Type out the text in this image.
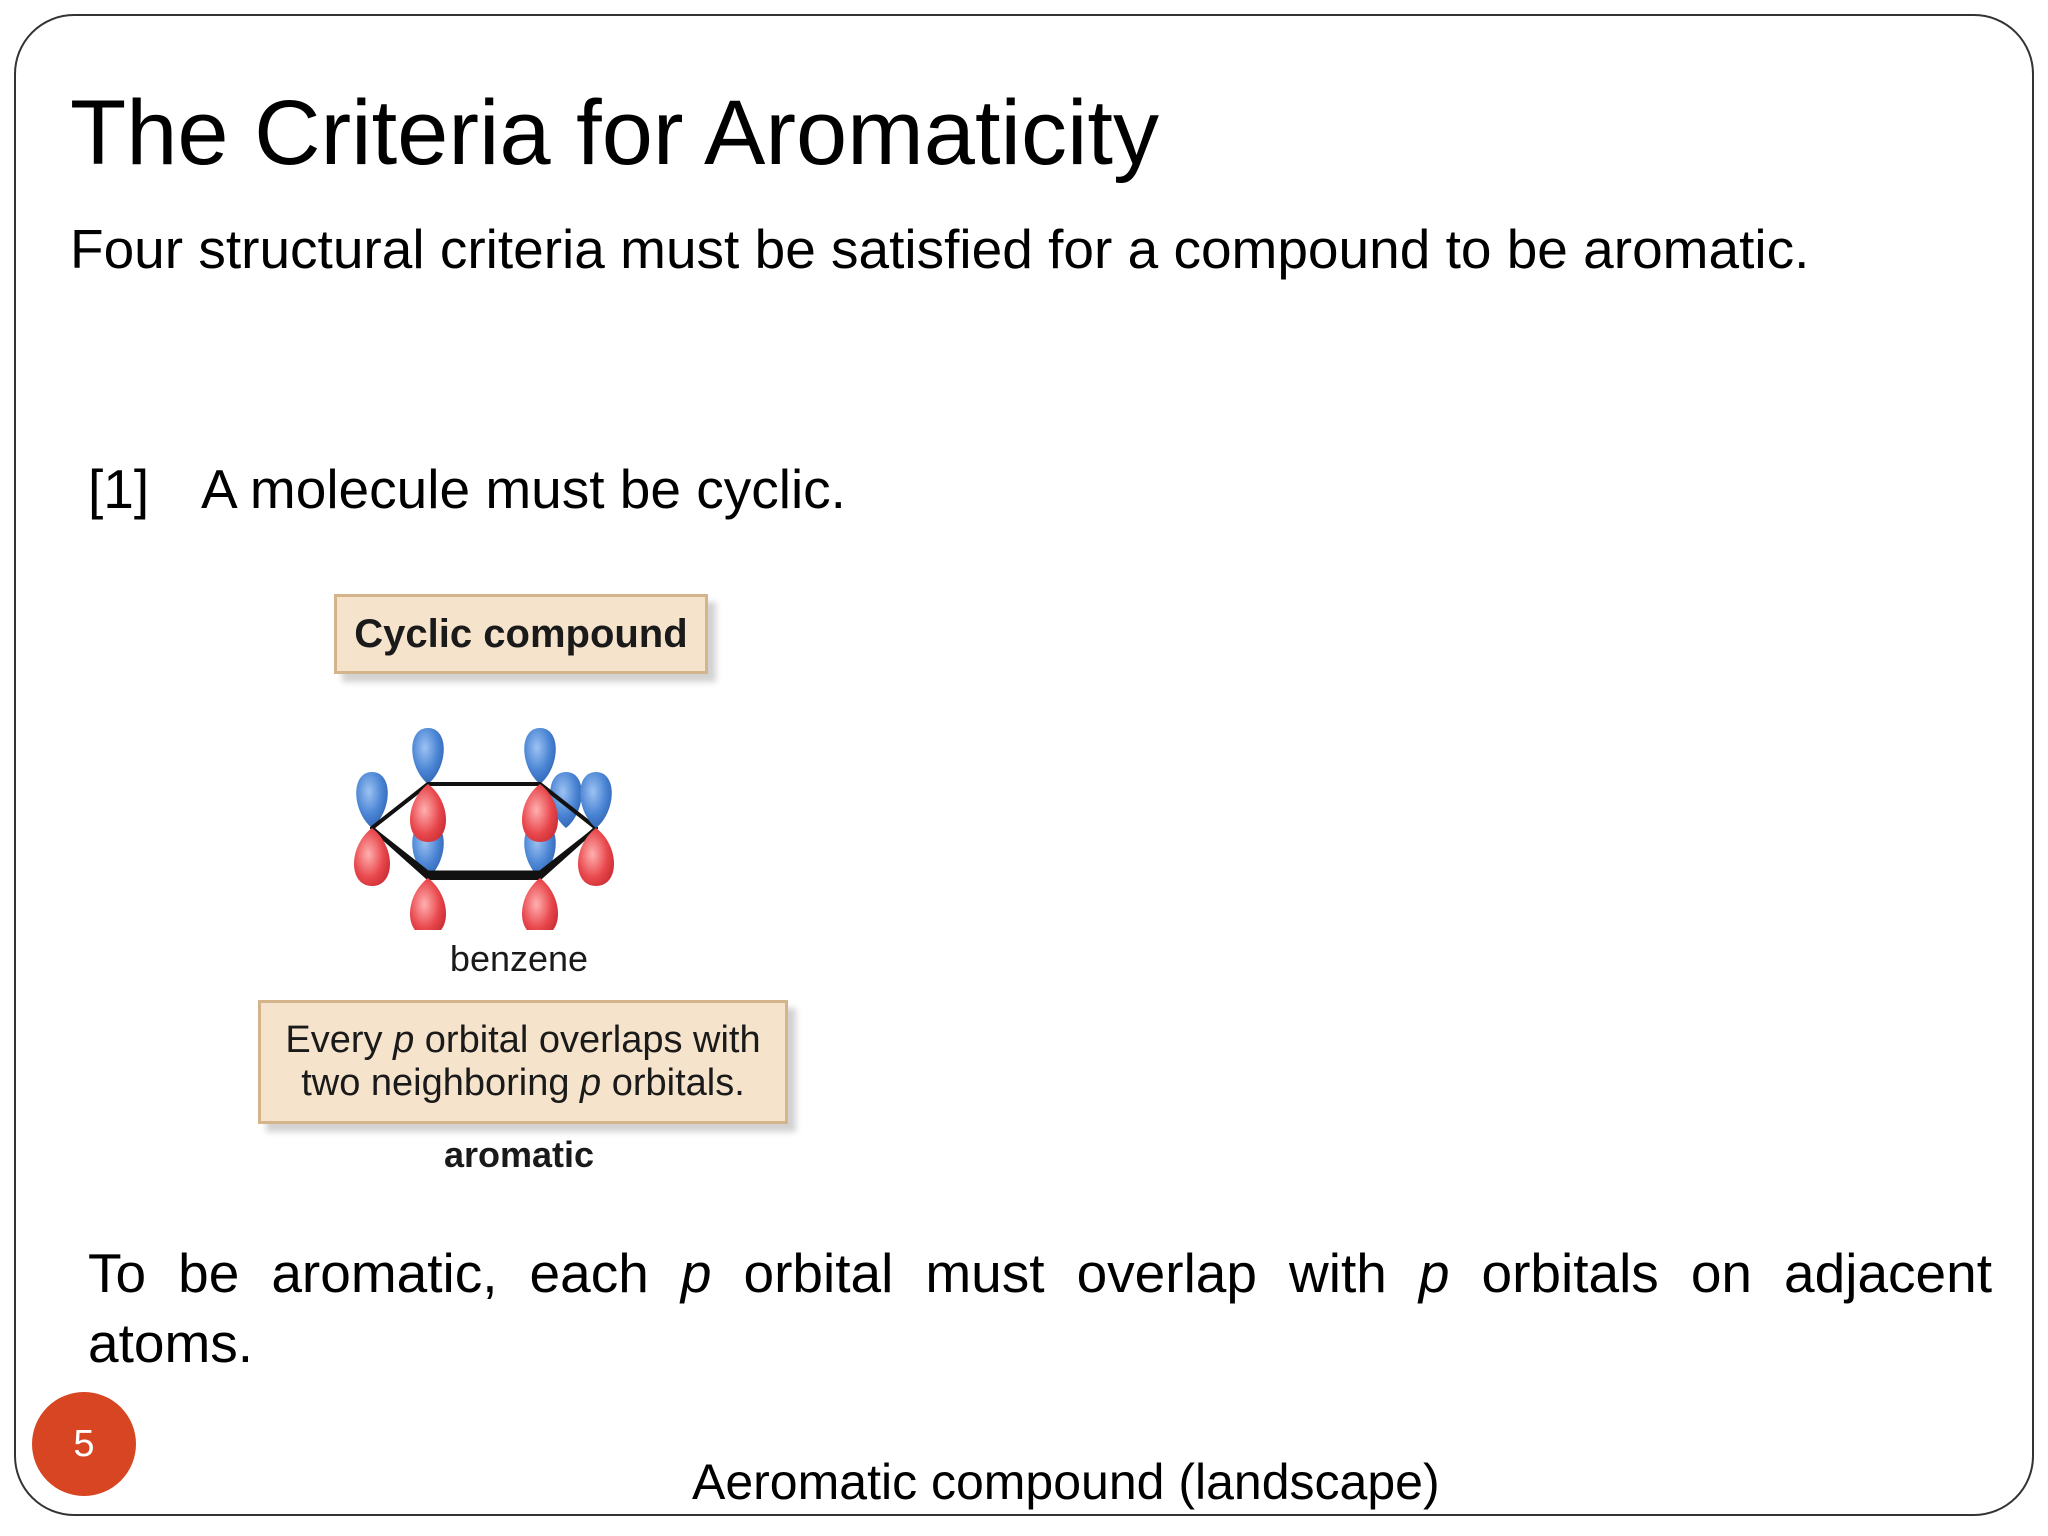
The Criteria for Aromaticity

Four structural criteria must be satisfied for a compound to be aromatic.

[1] A molecule must be cyclic.
Cyclic compound
benzene
Every p orbital overlaps with
two neighboring p orbitals.
aromatic
To be aromatic, each p orbital must overlap with p orbitals on adjacent atoms.
5

Aeromatic compound (landscape)
